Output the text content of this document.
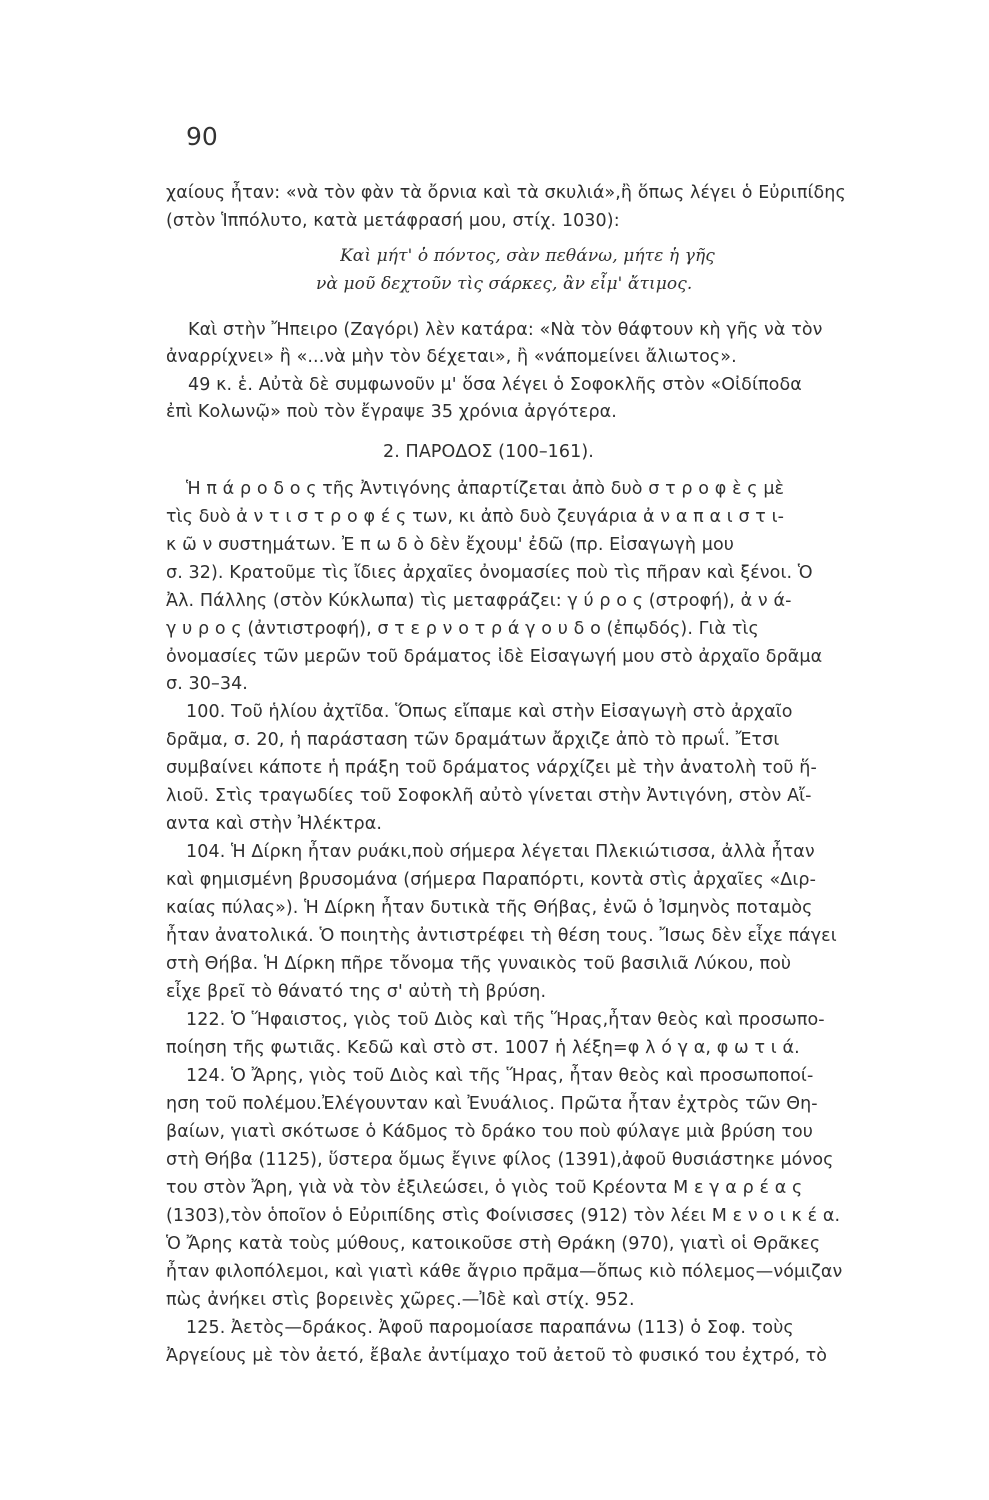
90
χαίους ἦταν: «νὰ τὸν φὰν τὰ ὄρνια καὶ τὰ σκυλιά»,ἢ ὅπως λέγει ὁ Εὐριπίδης
(στὸν Ἱππόλυτο, κατὰ μετάφρασή μου, στίχ. 1030):
Καὶ μήτ' ὁ πόντος, σὰν πεθάνω, μήτε ἡ γῆς
νὰ μοῦ δεχτοῦν τὶς σάρκες, ἂν εἶμ' ἄτιμος.
Καὶ στὴν Ἤπειρο (Ζαγόρι) λὲν κατάρα: «Νὰ τὸν θάφτουν κὴ γῆς νὰ τὸν
ἀναρρίχνει» ἢ «...νὰ μὴν τὸν δέχεται», ἢ «νάπομείνει ἄλιωτος».
49 κ. ἑ. Αὐτὰ δὲ συμφωνοῦν μ' ὅσα λέγει ὁ Σοφοκλῆς στὸν «Οἰδίποδα
ἐπὶ Κολωνῷ» ποὺ τὸν ἔγραψε 35 χρόνια ἀργότερα.
2. ΠΑΡΟΔΟΣ (100–161).
Ἡ π ά ρ ο δ ο ς τῆς Ἀντιγόνης ἀπαρτίζεται ἀπὸ δυὸ σ τ ρ ο φ ὲ ς μὲ
τὶς δυὸ ἀ ν τ ι σ τ ρ ο φ έ ς των, κι ἀπὸ δυὸ ζευγάρια ἀ ν α π α ι σ τ ι-
κ ῶ ν συστημάτων. Ἐ π ω δ ὸ δὲν ἔχουμ' ἐδῶ (πρ. Εἰσαγωγὴ μου
σ. 32). Κρατοῦμε τὶς ἴδιες ἀρχαῖες ὀνομασίες ποὺ τὶς πῆραν καὶ ξένοι. Ὁ
Ἀλ. Πάλλης (στὸν Κύκλωπα) τὶς μεταφράζει: γ ύ ρ ο ς (στροφή), ἀ ν ά-
γ υ ρ ο ς (ἀντιστροφή), σ τ ε ρ ν ο τ ρ ά γ ο υ δ ο (ἐπῳδός). Γιὰ τὶς
ὀνομασίες τῶν μερῶν τοῦ δράματος ἰδὲ Εἰσαγωγή μου στὸ ἀρχαῖο δρᾶμα
σ. 30–34.
100. Τοῦ ἡλίου ἀχτῖδα. Ὅπως εἴπαμε καὶ στὴν Εἰσαγωγὴ στὸ ἀρχαῖο
δρᾶμα, σ. 20, ἡ παράσταση τῶν δραμάτων ἄρχιζε ἀπὸ τὸ πρωΐ. Ἔτσι
συμβαίνει κάποτε ἡ πράξη τοῦ δράματος νάρχίζει μὲ τὴν ἀνατολὴ τοῦ ἥ-
λιοῦ. Στὶς τραγωδίες τοῦ Σοφοκλῆ αὐτὸ γίνεται στὴν Ἀντιγόνη, στὸν Αἴ-
αντα καὶ στὴν Ἠλέκτρα.
104. Ἡ Δίρκη ἦταν ρυάκι,ποὺ σήμερα λέγεται Πλεκιώτισσα, ἀλλὰ ἦταν
καὶ φημισμένη βρυσομάνα (σήμερα Παραπόρτι, κοντὰ στὶς ἀρχαῖες «Διρ-
καίας πύλας»). Ἡ Δίρκη ἦταν δυτικὰ τῆς Θήβας, ἐνῶ ὁ Ἰσμηνὸς ποταμὸς
ἦταν ἀνατολικά. Ὁ ποιητὴς ἀντιστρέφει τὴ θέση τους. Ἴσως δὲν εἶχε πάγει
στὴ Θήβα. Ἡ Δίρκη πῆρε τὄνομα τῆς γυναικὸς τοῦ βασιλιᾶ Λύκου, ποὺ
εἶχε βρεῖ τὸ θάνατό της σ' αὐτὴ τὴ βρύση.
122. Ὁ Ἥφαιστος, γιὸς τοῦ Διὸς καὶ τῆς Ἥρας,ἦταν θεὸς καὶ προσωπο-
ποίηση τῆς φωτιᾶς. Κεδῶ καὶ στὸ στ. 1007 ἡ λέξη=φ λ ό γ α, φ ω τ ι ά.
124. Ὁ Ἄρης, γιὸς τοῦ Διὸς καὶ τῆς Ἥρας, ἦταν θεὸς καὶ προσωποποί-
ηση τοῦ πολέμου.Ἐλέγουνταν καὶ Ἐνυάλιος. Πρῶτα ἦταν ἐχτρὸς τῶν Θη-
βαίων, γιατὶ σκότωσε ὁ Κάδμος τὸ δράκο του ποὺ φύλαγε μιὰ βρύση του
στὴ Θήβα (1125), ὕστερα ὅμως ἔγινε φίλος (1391),ἀφοῦ θυσιάστηκε μόνος
του στὸν Ἄρη, γιὰ νὰ τὸν ἐξιλεώσει, ὁ γιὸς τοῦ Κρέοντα Μ ε γ α ρ έ α ς
(1303),τὸν ὁποῖον ὁ Εὐριπίδης στὶς Φοίνισσες (912) τὸν λέει Μ ε ν ο ι κ έ α.
Ὁ Ἄρης κατὰ τοὺς μύθους, κατοικοῦσε στὴ Θράκη (970), γιατὶ οἱ Θρᾶκες
ἦταν φιλοπόλεμοι, καὶ γιατὶ κάθε ἄγριο πρᾶμα—ὅπως κιὸ πόλεμος—νόμιζαν
πὼς ἀνήκει στὶς βορεινὲς χῶρες.—Ἰδὲ καὶ στίχ. 952.
125. Ἀετὸς—δράκος. Ἀφοῦ παρομοίασε παραπάνω (113) ὁ Σοφ. τοὺς
Ἀργείους μὲ τὸν ἀετό, ἔβαλε ἀντίμαχο τοῦ ἀετοῦ τὸ φυσικό του ἐχτρό, τὸ
